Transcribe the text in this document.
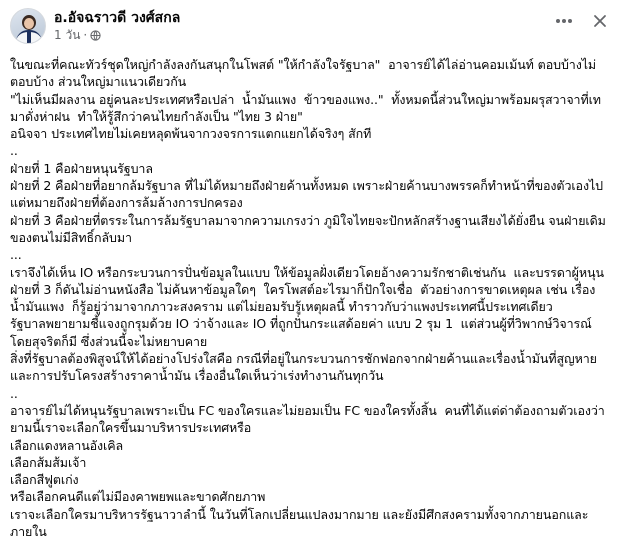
อ.อัจฉราวดี วงศ์สกล
1 วัน ·

ในขณะที่คณะทัวร์ชุดใหญ่กำลังลงกันสนุกในโพสต์ "ให้กำลังใจรัฐบาล"  อาจารย์ได้ไล่อ่านคอมเม้นท์ ตอบบ้างไม่ตอบบ้าง ส่วนใหญ่มาแนวเดียวกัน

"ไม่เห็นมีผลงาน อยู่คนละประเทศหรือเปล่า  น้ำมันแพง  ข้าวของแพง.."  ทั้งหมดนี้ส่วนใหญ่มาพร้อมผรุสวาจาที่เทมาดั่งห่าฝน  ทำให้รู้สึกว่าคนไทยกำลังเป็น "ไทย 3 ฝ่าย"

อนิจจา ประเทศไทยไม่เคยหลุดพ้นจากวงจรการแตกแยกได้จริงๆ สักที

..

ฝ่ายที่ 1 คือฝ่ายหนุนรัฐบาล

ฝ่ายที่ 2 คือฝ่ายที่อยากล้มรัฐบาล ที่ไม่ได้หมายถึงฝ่ายค้านทั้งหมด เพราะฝ่ายค้านบางพรรคก็ทำหน้าที่ของตัวเองไป  แต่หมายถึงฝ่ายที่ต้องการล้มล้างการปกครอง

ฝ่ายที่ 3 คือฝ่ายที่ตรระในการล้มรัฐบาลมาจากความเกรงว่า ภูมิใจไทยจะปักหลักสร้างฐานเสียงได้ยั่งยืน จนฝ่ายเดิมของตนไม่มีสิทธิ์กลับมา

...

เราจึงได้เห็น IO หรือกระบวนการปั่นข้อมูลในแบบ ให้ข้อมูลฝั่งเดียวโดยอ้างความรักชาติเช่นกัน  และบรรดาผู้หนุนฝ่ายที่ 3 ก็ดันไม่อ่านหนังสือ ไม่ค้นหาข้อมูลใดๆ  ใครโพสต์อะไรมาก็ปักใจเชื่อ  ตัวอย่างการขาดเหตุผล เช่น เรื่องน้ำมันแพง  ก็รู้อยู่ว่ามาจากภาวะสงคราม แต่ไม่ยอมรับรู้เหตุผลนี้ ทำราวกับว่าแพงประเทศนี้ประเทศเดียว

รัฐบาลพยายามชี้แจงถูกรุมด้วย IO ว่าจ้างและ IO ที่ถูกปั่นกระแสด้อยค่า แบบ 2 รุม 1  แต่ส่วนผู้ที่วิพากษ์วิจารณ์โดยสุจริตก็มี ซึ่งส่วนนี้จะไม่หยาบคาย

สิ่งที่รัฐบาลต้องพิสูจน์ให้ได้อย่างโปร่งใสคือ กรณีที่อยู่ในกระบวนการชักฟอกจากฝ่ายค้านและเรื่องน้ำมันที่สูญหายและการปรับโครงสร้างราคาน้ำมัน เรื่องอื่นใดเห็นว่าเร่งทำงานกันทุกวัน

..

อาจารย์ไม่ได้หนุนรัฐบาลเพราะเป็น FC ของใครและไม่ยอมเป็น FC ของใครทั้งสิ้น  คนที่ได้แต่ด่าต้องถามตัวเองว่ายามนี้เราจะเลือกใครขึ้นมาบริหารประเทศหรือ

เลือกแดงหลานอังเคิล

เลือกส้มส้มเจ้า

เลือกสีฟูตเก่ง

หรือเลือกคนดีแต่ไม่มีองคาพยพและขาดศักยภาพ

เราจะเลือกใครมาบริหารรัฐนาวาลำนี้ ในวันที่โลกเปลี่ยนแปลงมากมาย และยังมีศึกสงครามทั้งจากภายนอกและภายใน
